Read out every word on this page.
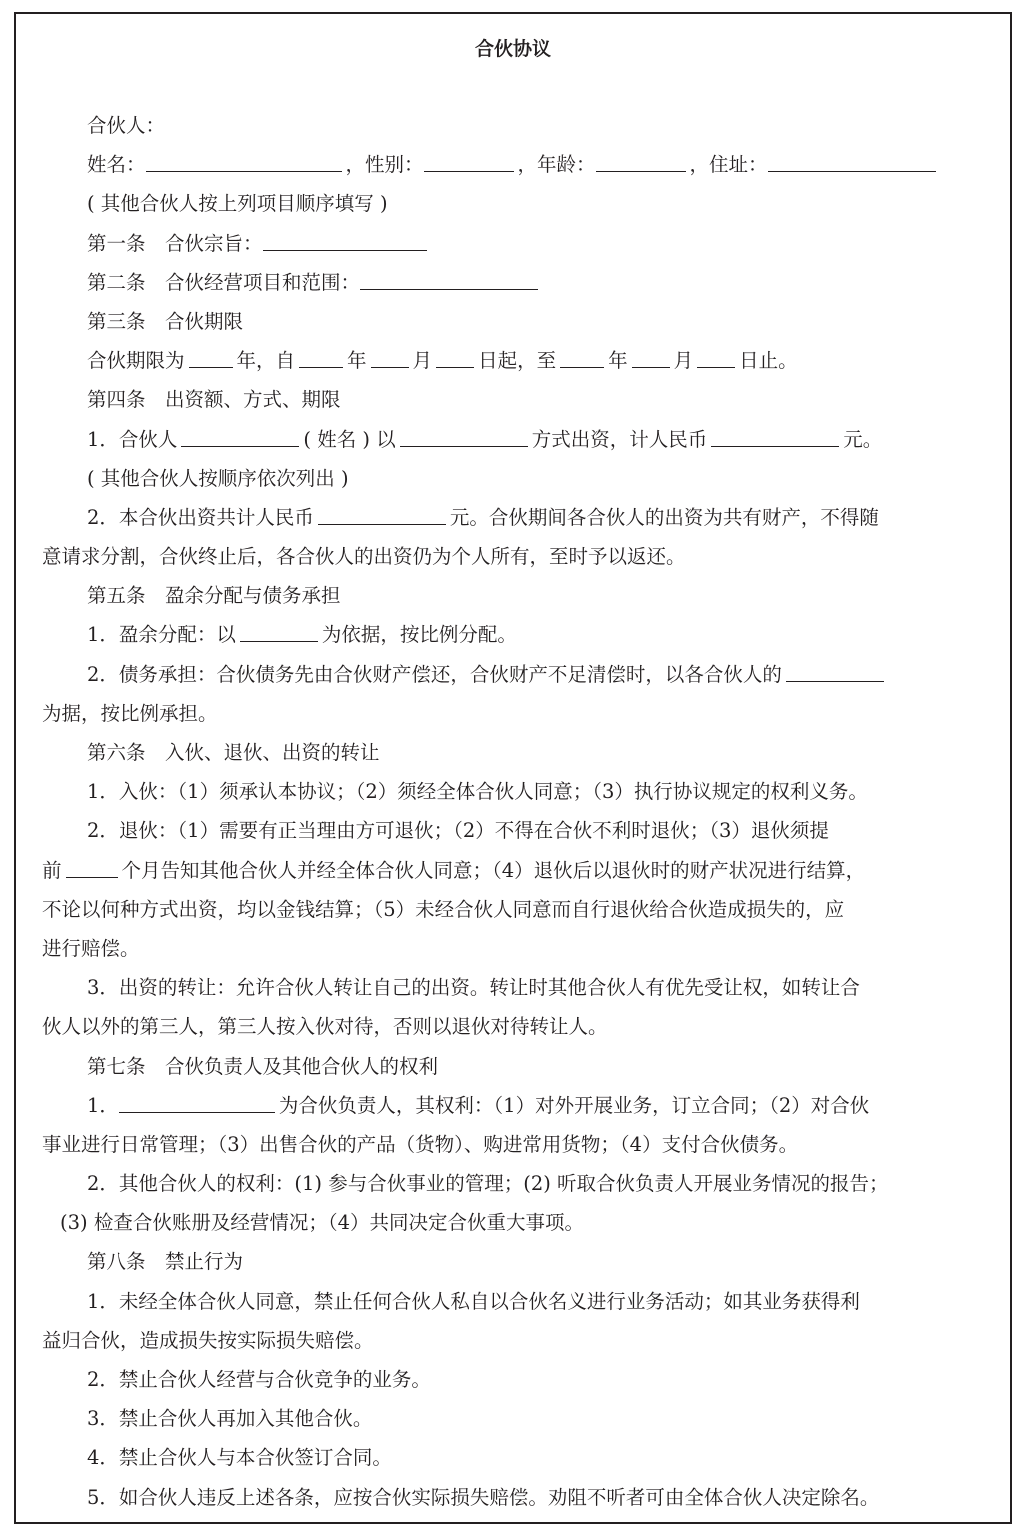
合伙协议
合伙人：
姓名：	，性别：	，年龄：	，住址：
( 其他合伙人按上列项目顺序填写 )
第一条　合伙宗旨：
第二条　合伙经营项目和范围：
第三条　合伙期限
合伙期限为	年，自	年 月 日起，至	年 月 日止。
第四条　出资额、方式、期限
1．合伙人	( 姓名 ) 以	方式出资，计人民币	元。
( 其他合伙人按顺序依次列出 )
2．本合伙出资共计人民币	元。合伙期间各合伙人的出资为共有财产，不得随
意请求分割，合伙终止后，各合伙人的出资仍为个人所有，至时予以返还。
第五条　盈余分配与债务承担
1．盈余分配：以	为依据，按比例分配。
2．债务承担：合伙债务先由合伙财产偿还，合伙财产不足清偿时，以各合伙人的
为据，按比例承担。
第六条　入伙、退伙、出资的转让
1．入伙：（1）须承认本协议；（2）须经全体合伙人同意；（3）执行协议规定的权利义务。
2．退伙：（1）需要有正当理由方可退伙；（2）不得在合伙不利时退伙；（3）退伙须提
前	个月告知其他合伙人并经全体合伙人同意；（4）退伙后以退伙时的财产状况进行结算，
不论以何种方式出资，均以金钱结算；（5）未经合伙人同意而自行退伙给合伙造成损失的，应
进行赔偿。
3．出资的转让：允许合伙人转让自己的出资。转让时其他合伙人有优先受让权，如转让合
伙人以外的第三人，第三人按入伙对待，否则以退伙对待转让人。
第七条　合伙负责人及其他合伙人的权利
1．	为合伙负责人，其权利：（1）对外开展业务，订立合同；（2）对合伙
事业进行日常管理；（3）出售合伙的产品（货物）、购进常用货物；（4）支付合伙债务。
2．其他合伙人的权利：(1) 参与合伙事业的管理；(2) 听取合伙负责人开展业务情况的报告；
(3) 检查合伙账册及经营情况；（4）共同决定合伙重大事项。
第八条　禁止行为
1．未经全体合伙人同意，禁止任何合伙人私自以合伙名义进行业务活动；如其业务获得利
益归合伙，造成损失按实际损失赔偿。
2．禁止合伙人经营与合伙竞争的业务。
3．禁止合伙人再加入其他合伙。
4．禁止合伙人与本合伙签订合同。
5．如合伙人违反上述各条，应按合伙实际损失赔偿。劝阻不听者可由全体合伙人决定除名。
